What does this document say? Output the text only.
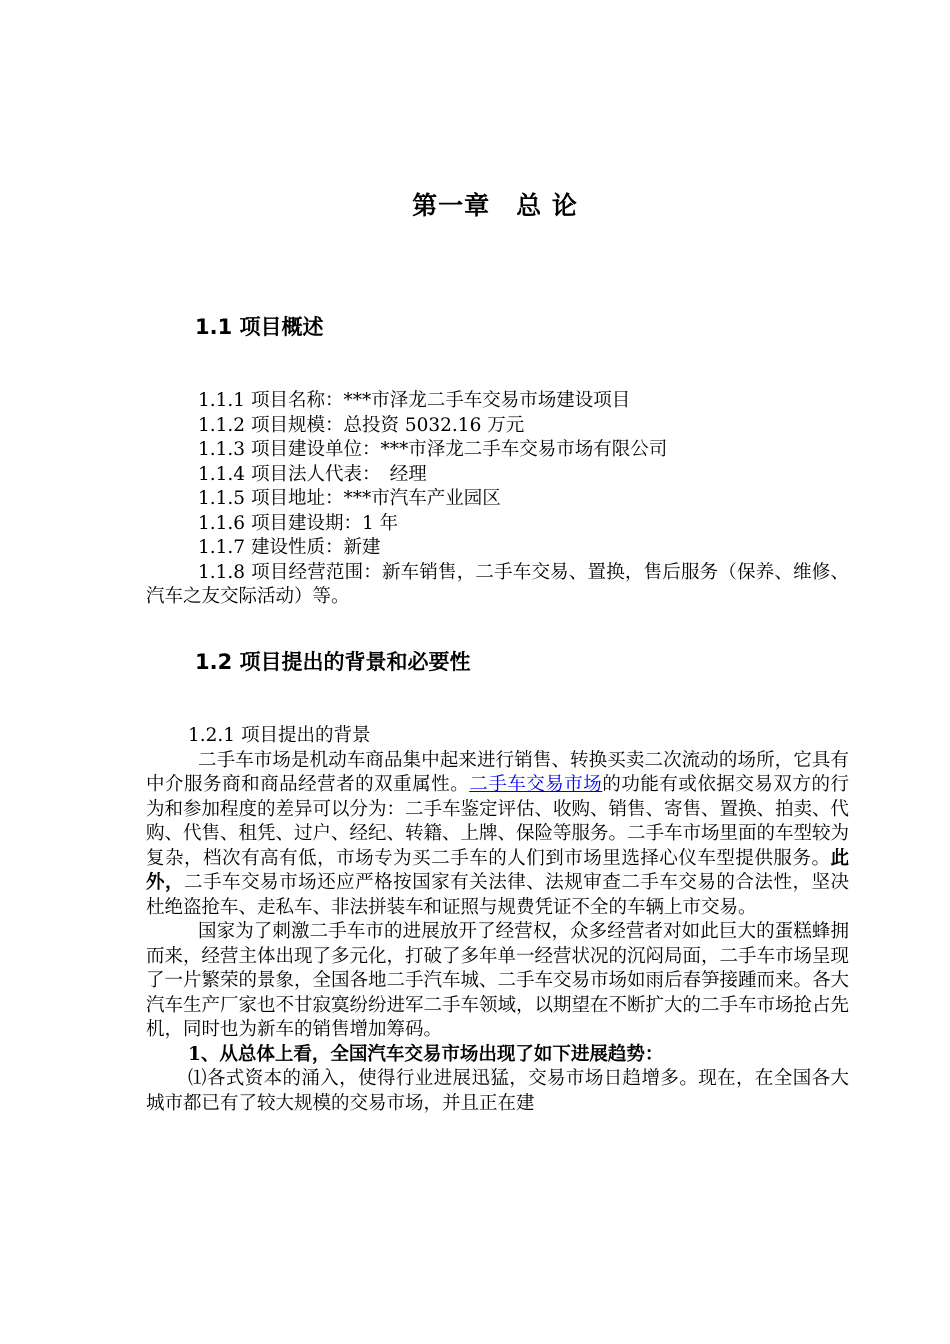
第一章　总 论
1.1 项目概述
1.1.1 项目名称：***市泽龙二手车交易市场建设项目
1.1.2 项目规模：总投资 5032.16 万元
1.1.3 项目建设单位：***市泽龙二手车交易市场有限公司
1.1.4 项目法人代表：　经理
1.1.5 项目地址：***市汽车产业园区
1.1.6 项目建设期：1 年
1.1.7 建设性质：新建
1.1.8 项目经营范围：新车销售，二手车交易、置换，售后服务（保养、维修、汽车之友交际活动）等。
1.2 项目提出的背景和必要性

1.2.1 项目提出的背景

二手车市场是机动车商品集中起来进行销售、转换买卖二次流动的场所，它具有中介服务商和商品经营者的双重属性。二手车交易市场的功能有或依据交易双方的行为和参加程度的差异可以分为：二手车鉴定评估、收购、销售、寄售、置换、拍卖、代购、代售、租凭、过户、经纪、转籍、上牌、保险等服务。二手车市场里面的车型较为复杂，档次有高有低，市场专为买二手车的人们到市场里选择心仪车型提供服务。此外，二手车交易市场还应严格按国家有关法律、法规审查二手车交易的合法性，坚决杜绝盗抢车、走私车、非法拼装车和证照与规费凭证不全的车辆上市交易。

国家为了刺激二手车市的进展放开了经营权，众多经营者对如此巨大的蛋糕蜂拥而来，经营主体出现了多元化，打破了多年单一经营状况的沉闷局面，二手车市场呈现了一片繁荣的景象，全国各地二手汽车城、二手车交易市场如雨后春笋接踵而来。各大汽车生产厂家也不甘寂寞纷纷进军二手车领域，以期望在不断扩大的二手车市场抢占先机，同时也为新车的销售增加筹码。

1、从总体上看，全国汽车交易市场出现了如下进展趋势：

⑴各式资本的涌入，使得行业进展迅猛，交易市场日趋增多。现在，在全国各大城市都已有了较大规模的交易市场，并且正在建
